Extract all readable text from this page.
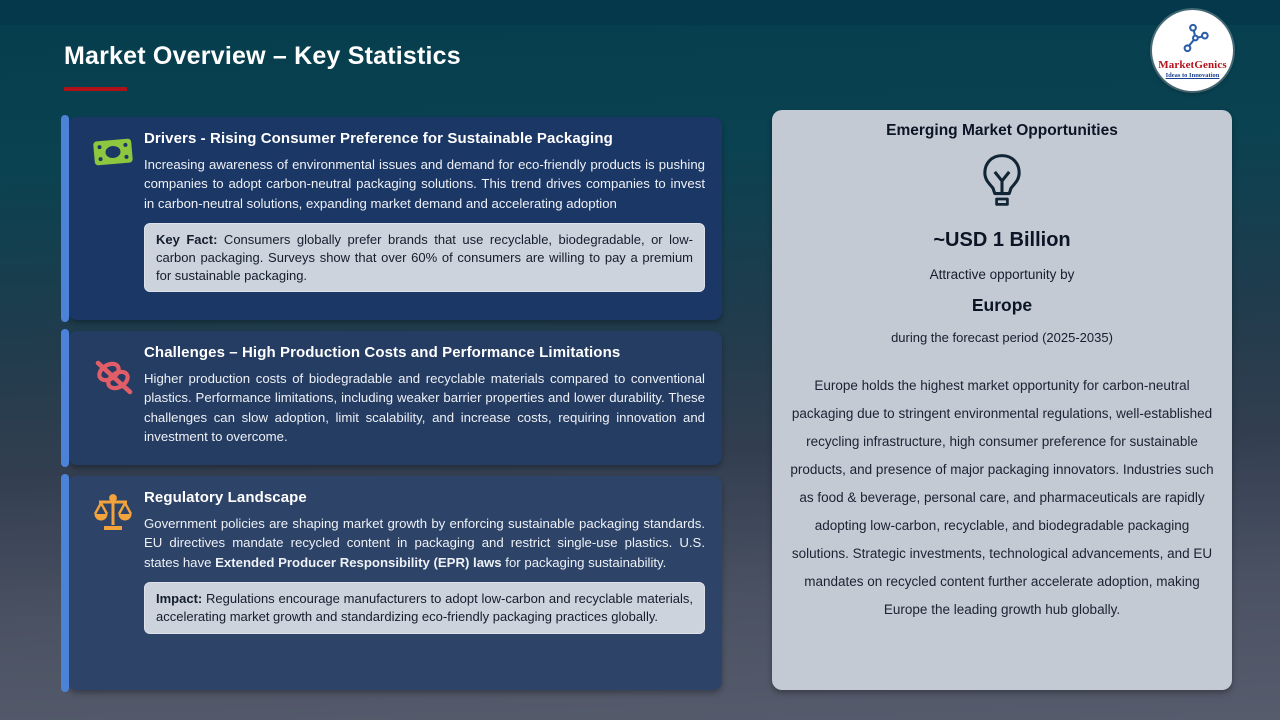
Market Overview – Key Statistics	MarketGenics
Ideas to Innovation
Drivers - Rising Consumer Preference for Sustainable Packaging
Increasing awareness of environmental issues and demand for eco-friendly products is pushing companies to adopt carbon-neutral packaging solutions. This trend drives companies to invest in carbon-neutral solutions, expanding market demand and accelerating adoption
Key Fact: Consumers globally prefer brands that use recyclable, biodegradable, or low-carbon packaging. Surveys show that over 60% of consumers are willing to pay a premium for sustainable packaging.
Challenges – High Production Costs and Performance Limitations
Higher production costs of biodegradable and recyclable materials compared to conventional plastics. Performance limitations, including weaker barrier properties and lower durability. These challenges can slow adoption, limit scalability, and increase costs, requiring innovation and investment to overcome.
Regulatory Landscape
Government policies are shaping market growth by enforcing sustainable packaging standards. EU directives mandate recycled content in packaging and restrict single-use plastics. U.S. states have Extended Producer Responsibility (EPR) laws for packaging sustainability.
Impact: Regulations encourage manufacturers to adopt low-carbon and recyclable materials, accelerating market growth and standardizing eco-friendly packaging practices globally.
Emerging Market Opportunities
~USD 1 Billion
Attractive opportunity by
Europe
during the forecast period (2025-2035)
Europe holds the highest market opportunity for carbon-neutral packaging due to stringent environmental regulations, well-established recycling infrastructure, high consumer preference for sustainable products, and presence of major packaging innovators. Industries such as food & beverage, personal care, and pharmaceuticals are rapidly adopting low-carbon, recyclable, and biodegradable packaging solutions. Strategic investments, technological advancements, and EU mandates on recycled content further accelerate adoption, making Europe the leading growth hub globally.
